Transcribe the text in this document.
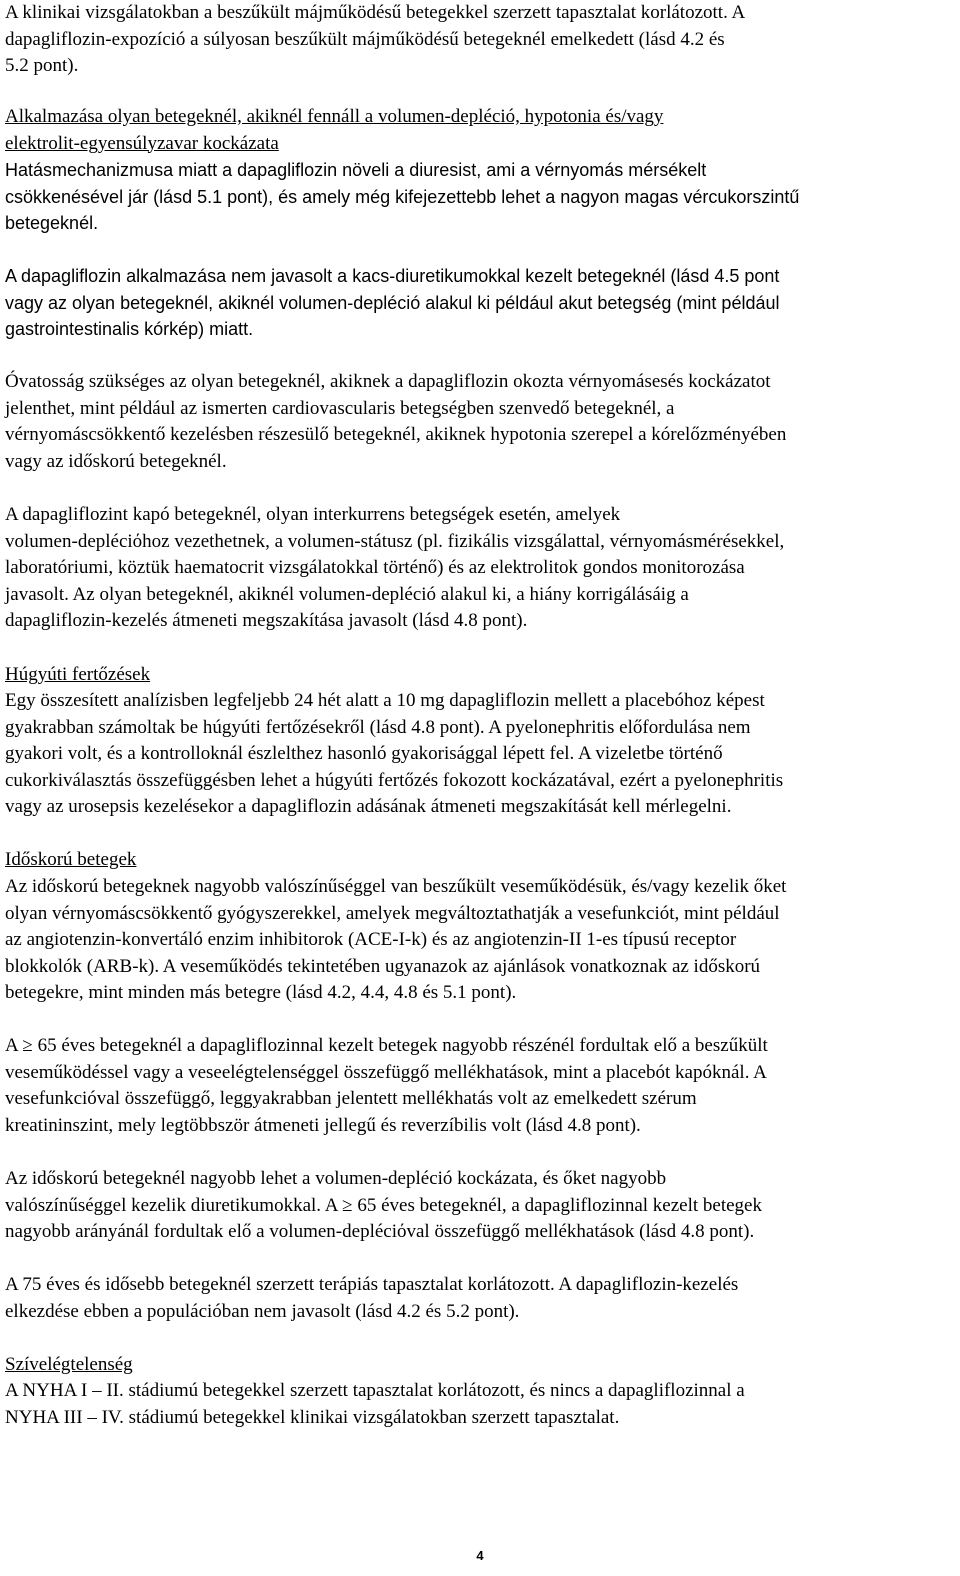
A klinikai vizsgálatokban a beszűkült májműködésű betegekkel szerzett tapasztalat korlátozott. A
dapagliflozin-expozíció a súlyosan beszűkült májműködésű betegeknél emelkedett (lásd 4.2 és
5.2 pont).

Alkalmazása olyan betegeknél, akiknél fennáll a volumen-depléció, hypotonia és/vagy
elektrolit-egyensúlyzavar kockázata

Hatásmechanizmusa miatt a dapagliflozin növeli a diuresist, ami a vérnyomás mérsékelt
csökkenésével jár (lásd 5.1 pont), és amely még kifejezettebb lehet a nagyon magas vércukorszintű
betegeknél.

A dapagliflozin alkalmazása nem javasolt a kacs-diuretikumokkal kezelt betegeknél (lásd 4.5 pont
vagy az olyan betegeknél, akiknél volumen-depléció alakul ki például akut betegség (mint például
gastrointestinalis kórkép) miatt.

Óvatosság szükséges az olyan betegeknél, akiknek a dapagliflozin okozta vérnyomásesés kockázatot
jelenthet, mint például az ismerten cardiovascularis betegségben szenvedő betegeknél, a
vérnyomáscsökkentő kezelésben részesülő betegeknél, akiknek hypotonia szerepel a kórelőzményében
vagy az időskorú betegeknél.

A dapagliflozint kapó betegeknél, olyan interkurrens betegségek esetén, amelyek
volumen-depléciόhoz vezethetnek, a volumen-státusz (pl. fizikális vizsgálattal, vérnyomásmérésekkel,
laboratóriumi, köztük haematocrit vizsgálatokkal történő) és az elektrolitok gondos monitorozása
javasolt. Az olyan betegeknél, akiknél volumen-depléció alakul ki, a hiány korrigálásáig a
dapagliflozin-kezelés átmeneti megszakítása javasolt (lásd 4.8 pont).

Húgyúti fertőzések

Egy összesített analízisben legfeljebb 24 hét alatt a 10 mg dapagliflozin mellett a placebóhoz képest
gyakrabban számoltak be húgyúti fertőzésekről (lásd 4.8 pont). A pyelonephritis előfordulása nem
gyakori volt, és a kontrolloknál észlelthez hasonló gyakorisággal lépett fel. A vizeletbe történő
cukorkiválasztás összefüggésben lehet a húgyúti fertőzés fokozott kockázatával, ezért a pyelonephritis
vagy az urosepsis kezelésekor a dapagliflozin adásának átmeneti megszakítását kell mérlegelni.

Időskorú betegek

Az időskorú betegeknek nagyobb valószínűséggel van beszűkült veseműködésük, és/vagy kezelik őket
olyan vérnyomáscsökkentő gyógyszerekkel, amelyek megváltoztathatják a vesefunkciót, mint például
az angiotenzin-konvertáló enzim inhibitorok (ACE-I-k) és az angiotenzin-II 1-es típusú receptor
blokkolók (ARB-k). A veseműködés tekintetében ugyanazok az ajánlások vonatkoznak az időskorú
betegekre, mint minden más betegre (lásd 4.2, 4.4, 4.8 és 5.1 pont).

A ≥ 65 éves betegeknél a dapagliflozinnal kezelt betegek nagyobb részénél fordultak elő a beszűkült
veseműködéssel vagy a veseelégtelenséggel összefüggő mellékhatások, mint a placebót kapóknál. A
vesefunkcióval összefüggő, leggyakrabban jelentett mellékhatás volt az emelkedett szérum
kreatininszint, mely legtöbbször átmeneti jellegű és reverzíbilis volt (lásd 4.8 pont).

Az időskorú betegeknél nagyobb lehet a volumen-depléció kockázata, és őket nagyobb
valószínűséggel kezelik diuretikumokkal. A ≥ 65 éves betegeknél, a dapagliflozinnal kezelt betegek
nagyobb arányánál fordultak elő a volumen-depléciόval összefüggő mellékhatások (lásd 4.8 pont).

A 75 éves és idősebb betegeknél szerzett terápiás tapasztalat korlátozott. A dapagliflozin-kezelés
elkezdése ebben a populációban nem javasolt (lásd 4.2 és 5.2 pont).

Szívelégtelenség

A NYHA I – II. stádiumú betegekkel szerzett tapasztalat korlátozott, és nincs a dapagliflozinnal a
NYHA III – IV. stádiumú betegekkel klinikai vizsgálatokban szerzett tapasztalat.

4
